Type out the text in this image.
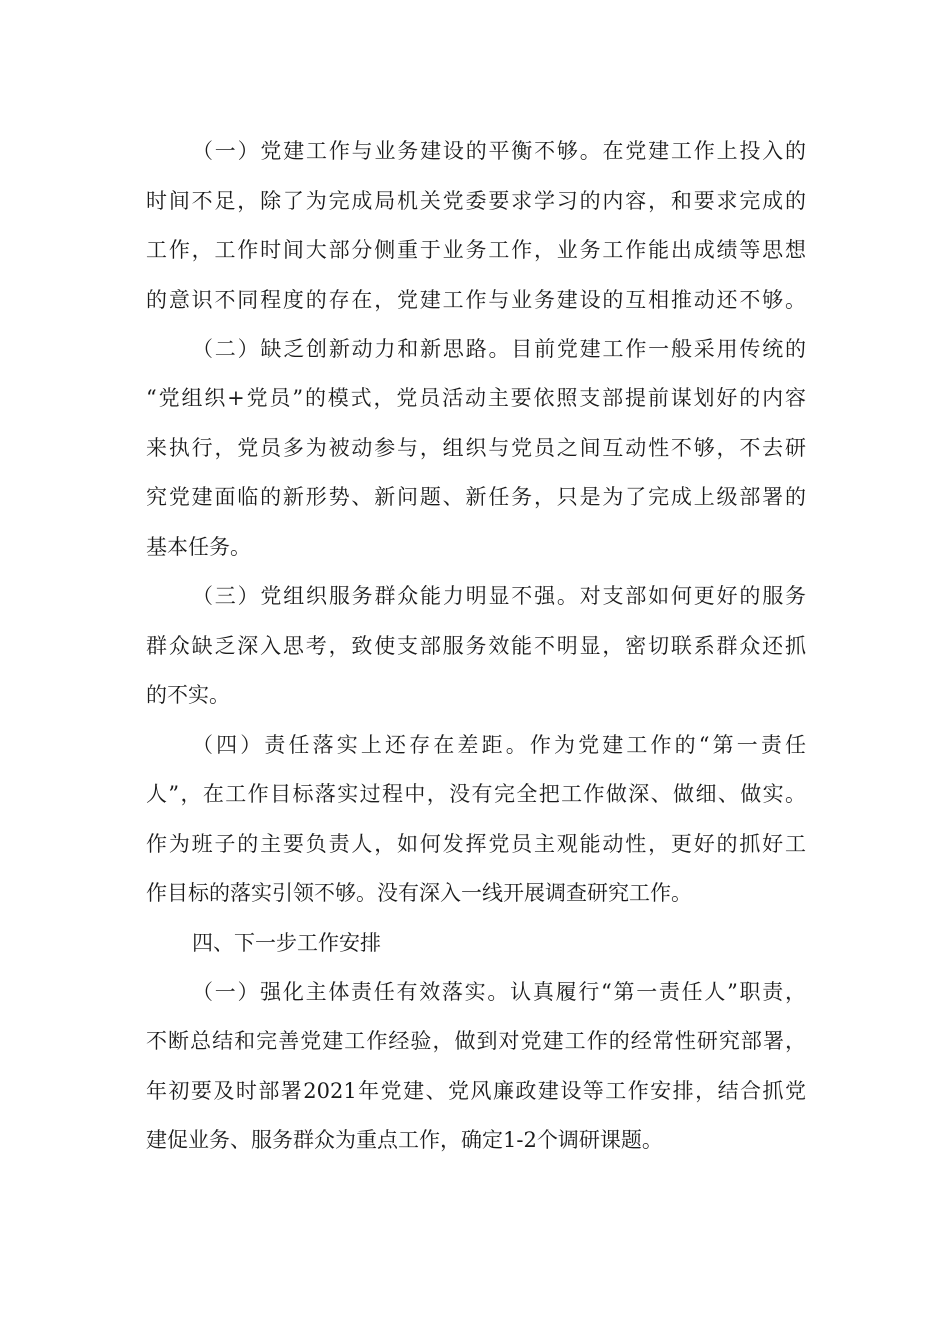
（一）党建工作与业务建设的平衡不够。在党建工作上投入的
时间不足，除了为完成局机关党委要求学习的内容，和要求完成的
工作，工作时间大部分侧重于业务工作，业务工作能出成绩等思想
的意识不同程度的存在，党建工作与业务建设的互相推动还不够。
（二）缺乏创新动力和新思路。目前党建工作一般采用传统的
“党组织+党员”的模式，党员活动主要依照支部提前谋划好的内容
来执行，党员多为被动参与，组织与党员之间互动性不够，不去研
究党建面临的新形势、新问题、新任务，只是为了完成上级部署的
基本任务。
（三）党组织服务群众能力明显不强。对支部如何更好的服务
群众缺乏深入思考，致使支部服务效能不明显，密切联系群众还抓
的不实。
（四）责任落实上还存在差距。作为党建工作的“第一责任
人”，在工作目标落实过程中，没有完全把工作做深、做细、做实。
作为班子的主要负责人，如何发挥党员主观能动性，更好的抓好工
作目标的落实引领不够。没有深入一线开展调查研究工作。
四、下一步工作安排
（一）强化主体责任有效落实。认真履行“第一责任人”职责，
不断总结和完善党建工作经验，做到对党建工作的经常性研究部署，
年初要及时部署2021年党建、党风廉政建设等工作安排，结合抓党
建促业务、服务群众为重点工作，确定1-2个调研课题。
